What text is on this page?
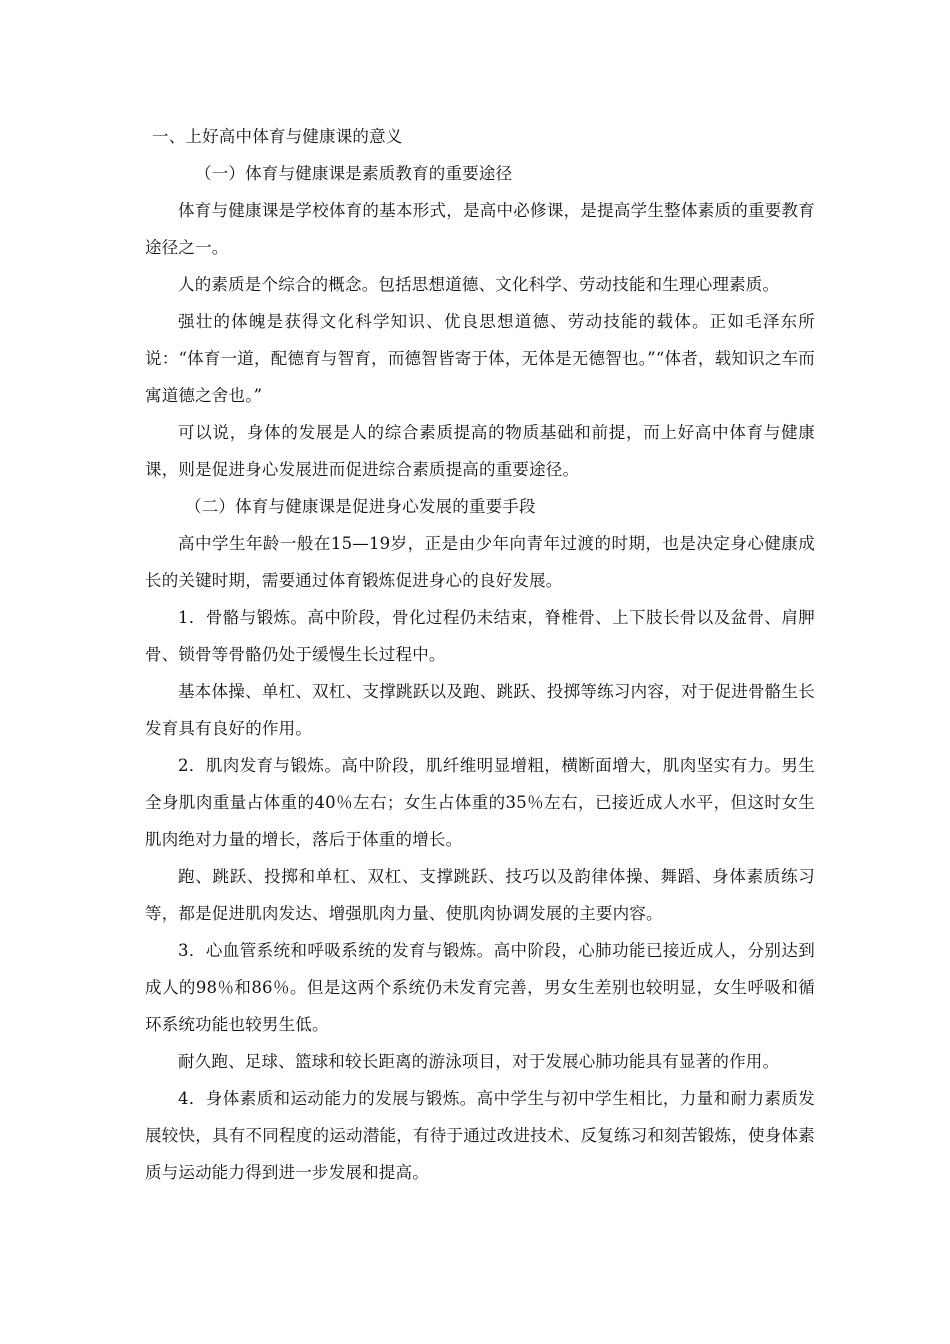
一、上好高中体育与健康课的意义

（一）体育与健康课是素质教育的重要途径

体育与健康课是学校体育的基本形式，是高中必修课，是提高学生整体素质的重要教育途径之一。

人的素质是个综合的概念。包括思想道德、文化科学、劳动技能和生理心理素质。

强壮的体魄是获得文化科学知识、优良思想道德、劳动技能的载体。正如毛泽东所说：“体育一道，配德育与智育，而德智皆寄于体，无体是无德智也。”“体者，载知识之车而寓道德之舍也。”

可以说，身体的发展是人的综合素质提高的物质基础和前提，而上好高中体育与健康课，则是促进身心发展进而促进综合素质提高的重要途径。

（二）体育与健康课是促进身心发展的重要手段

高中学生年龄一般在15—19岁，正是由少年向青年过渡的时期，也是决定身心健康成长的关键时期，需要通过体育锻炼促进身心的良好发展。

1．骨骼与锻炼。高中阶段，骨化过程仍未结束，脊椎骨、上下肢长骨以及盆骨、肩胛骨、锁骨等骨骼仍处于缓慢生长过程中。

基本体操、单杠、双杠、支撑跳跃以及跑、跳跃、投掷等练习内容，对于促进骨骼生长发育具有良好的作用。

2．肌肉发育与锻炼。高中阶段，肌纤维明显增粗，横断面增大，肌肉坚实有力。男生全身肌肉重量占体重的40％左右；女生占体重的35％左右，已接近成人水平，但这时女生肌肉绝对力量的增长，落后于体重的增长。

跑、跳跃、投掷和单杠、双杠、支撑跳跃、技巧以及韵律体操、舞蹈、身体素质练习等，都是促进肌肉发达、增强肌肉力量、使肌肉协调发展的主要内容。

3．心血管系统和呼吸系统的发育与锻炼。高中阶段，心肺功能已接近成人，分别达到成人的98％和86％。但是这两个系统仍未发育完善，男女生差别也较明显，女生呼吸和循环系统功能也较男生低。

耐久跑、足球、篮球和较长距离的游泳项目，对于发展心肺功能具有显著的作用。

4．身体素质和运动能力的发展与锻炼。高中学生与初中学生相比，力量和耐力素质发展较快，具有不同程度的运动潜能，有待于通过改进技术、反复练习和刻苦锻炼，使身体素质与运动能力得到进一步发展和提高。
